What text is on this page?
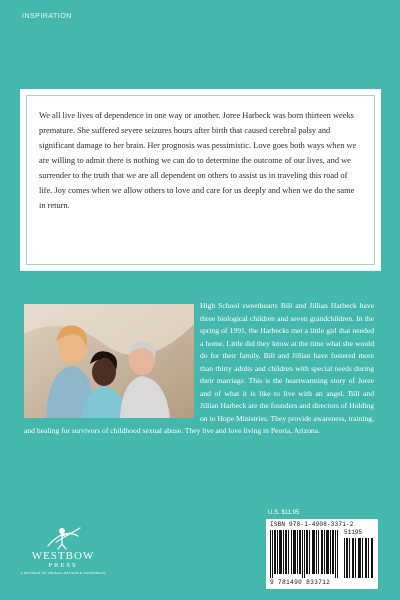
INSPIRATION

We all live lives of dependence in one way or another. Joree Harbeck was born thirteen weeks premature. She suffered severe seizures hours after birth that caused cerebral palsy and significant damage to her brain. Her prognosis was pessimistic. Love goes both ways when we are willing to admit there is nothing we can do to determine the outcome of our lives, and we surrender to the truth that we are all dependent on others to assist us in traveling this road of life. Joy comes when we allow others to love and care for us deeply and when we do the same in return.

High School sweethearts Bill and Jillian Harbeck have three biological children and seven grandchildren. In the spring of 1991, the Harbecks met a little girl that needed a home. Little did they know at the time what she would do for their family. Bill and Jillian have fostered more than thirty adults and children with special needs during their marriage. This is the heartwarming story of Joree and of what it is like to live with an angel. Bill and Jillian Harbeck are the founders and directors of Holding on to Hope Ministries. They provide awareness, training, and healing for survivors of childhood sexual abuse. They live and love living in Peoria, Arizona.

U.S. $11.95
ISBN 978-1-4908-3371-2
51195
9 781490 833712
WESTBOW
PRESS
A DIVISION OF THOMAS NELSON & ZONDERVAN
